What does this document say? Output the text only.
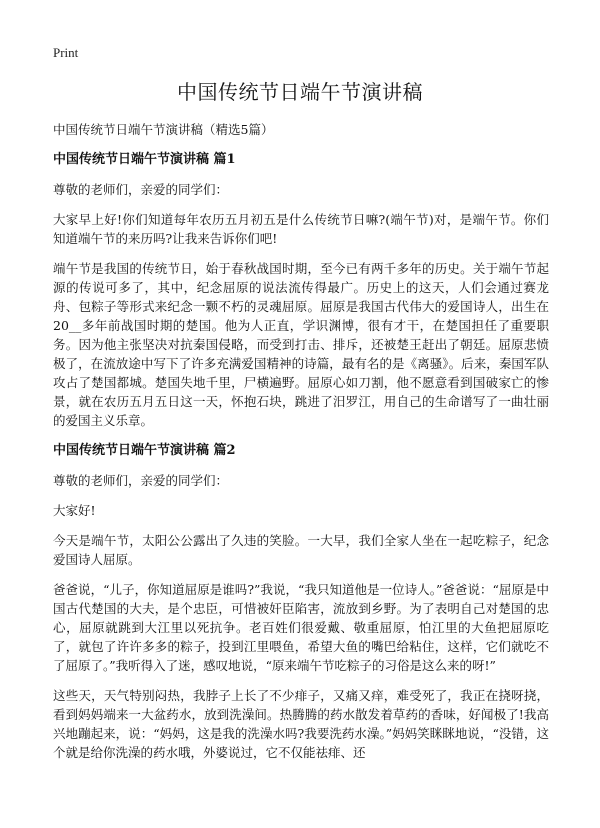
Print
中国传统节日端午节演讲稿

中国传统节日端午节演讲稿（精选5篇）

中国传统节日端午节演讲稿 篇1

尊敬的老师们，亲爱的同学们：

大家早上好!你们知道每年农历五月初五是什么传统节日嘛?(端午节)对，是端午节。你们知道端午节的来历吗?让我来告诉你们吧!

端午节是我国的传统节日，始于春秋战国时期，至今已有两千多年的历史。关于端午节起源的传说可多了，其中，纪念屈原的说法流传得最广。历史上的这天，人们会通过赛龙舟、包粽子等形式来纪念一颗不朽的灵魂屈原。屈原是我国古代伟大的爱国诗人，出生在20__多年前战国时期的楚国。他为人正直，学识渊博，很有才干，在楚国担任了重要职务。因为他主张坚决对抗秦国侵略，而受到打击、排斥，还被楚王赶出了朝廷。屈原悲愤极了，在流放途中写下了许多充满爱国精神的诗篇，最有名的是《离骚》。后来，秦国军队攻占了楚国都城。楚国失地千里，尸横遍野。屈原心如刀割，他不愿意看到国破家亡的惨景，就在农历五月五日这一天，怀抱石块，跳进了汨罗江，用自己的生命谱写了一曲壮丽的爱国主义乐章。

中国传统节日端午节演讲稿 篇2

尊敬的老师们，亲爱的同学们：

大家好!

今天是端午节，太阳公公露出了久违的笑脸。一大早，我们全家人坐在一起吃粽子，纪念爱国诗人屈原。

爸爸说，“儿子，你知道屈原是谁吗?”我说，“我只知道他是一位诗人。”爸爸说：“屈原是中国古代楚国的大夫，是个忠臣，可惜被奸臣陷害，流放到乡野。为了表明自己对楚国的忠心，屈原就跳到大江里以死抗争。老百姓们很爱戴、敬重屈原，怕江里的大鱼把屈原吃了，就包了许许多多的粽子，投到江里喂鱼，希望大鱼的嘴巴给粘住，这样，它们就吃不了屈原了。”我听得入了迷，感叹地说，“原来端午节吃粽子的习俗是这么来的呀!”

这些天，天气特别闷热，我脖子上长了不少痱子，又痛又痒，难受死了，我正在挠呀挠，看到妈妈端来一大盆药水，放到洗澡间。热腾腾的药水散发着草药的香味，好闻极了!我高兴地蹦起来，说：“妈妈，这是我的洗澡水吗?我要洗药水澡。”妈妈笑眯眯地说，“没错，这个就是给你洗澡的药水哦，外婆说过，它不仅能祛痱、还
